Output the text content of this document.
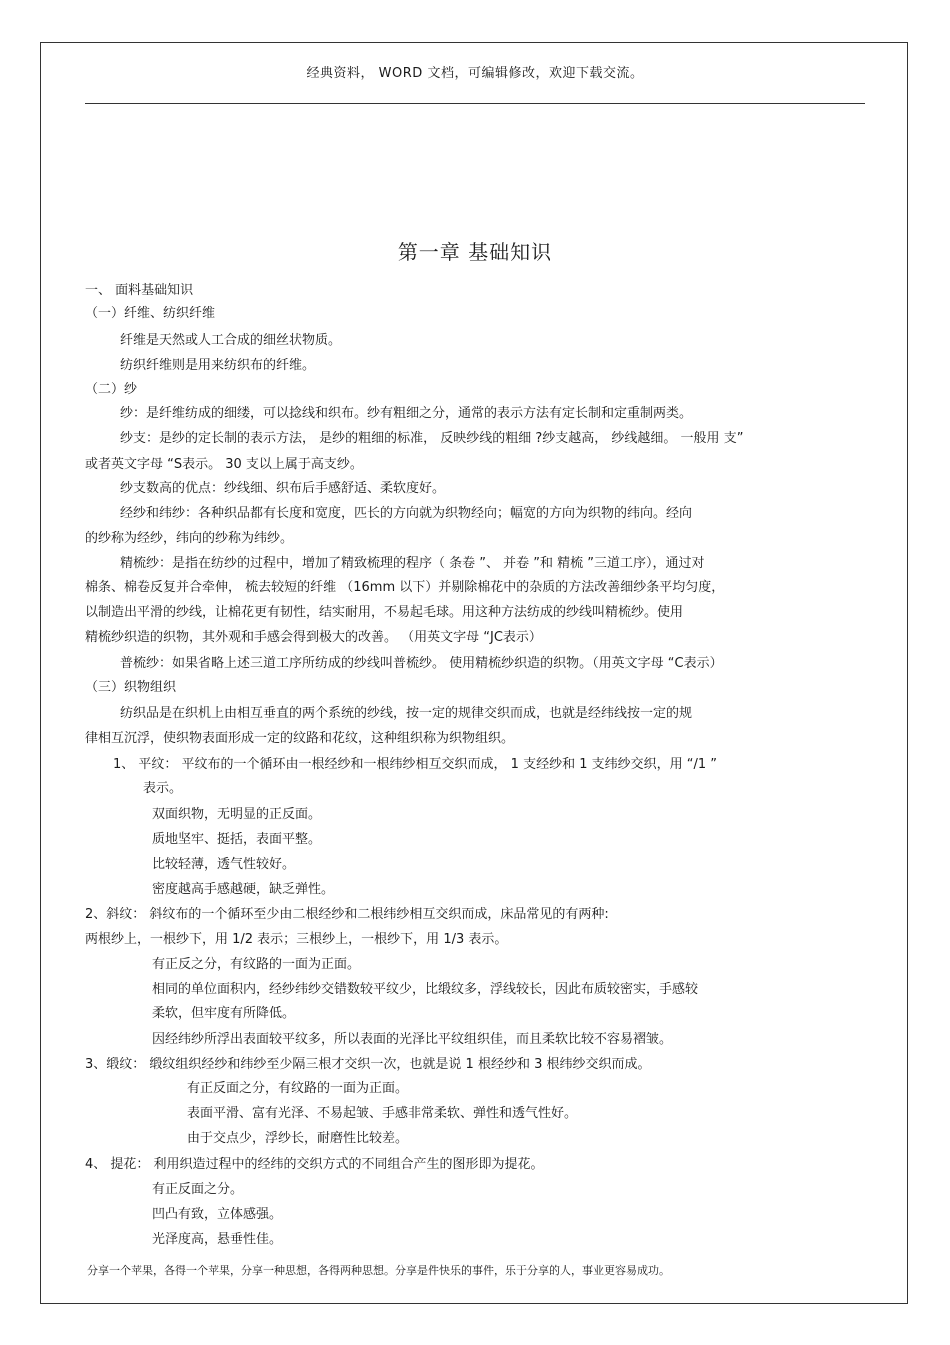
经典资料， WORD 文档，可编辑修改，欢迎下载交流。
第一章 基础知识
一、 面料基础知识
（一）纤维、纺织纤维
纤维是天然或人工合成的细丝状物质。
纺织纤维则是用来纺织布的纤维。
（二）纱
纱：是纤维纺成的细缕，可以捻线和织布。纱有粗细之分，通常的表示方法有定长制和定重制两类。
纱支：是纱的定长制的表示方法， 是纱的粗细的标准， 反映纱线的粗细 ?纱支越高， 纱线越细。 一般用 支”
或者英文字母 “S表示。 30 支以上属于高支纱。
纱支数高的优点：纱线细、织布后手感舒适、柔软度好。
经纱和纬纱：各种织品都有长度和宽度，匹长的方向就为织物经向；幅宽的方向为织物的纬向。经向
的纱称为经纱，纬向的纱称为纬纱。
精梳纱：是指在纺纱的过程中，增加了精致梳理的程序（ 条卷 ”、 并卷 ”和 精梳 ”三道工序），通过对
棉条、棉卷反复并合牵伸， 梳去较短的纤维 （16mm 以下）并剔除棉花中的杂质的方法改善细纱条平均匀度，
以制造出平滑的纱线，让棉花更有韧性，结实耐用，不易起毛球。用这种方法纺成的纱线叫精梳纱。使用
精梳纱织造的织物，其外观和手感会得到极大的改善。 （用英文字母 “JC表示）
普梳纱：如果省略上述三道工序所纺成的纱线叫普梳纱。 使用精梳纱织造的织物。（用英文字母 “C表示）
（三）织物组织
纺织品是在织机上由相互垂直的两个系统的纱线，按一定的规律交织而成，也就是经纬线按一定的规
律相互沉浮，使织物表面形成一定的纹路和花纹，这种组织称为织物组织。
1、 平纹： 平纹布的一个循环由一根经纱和一根纬纱相互交织而成， 1 支经纱和 1 支纬纱交织，用 “/1 ”
表示。
双面织物，无明显的正反面。
质地坚牢、挺括，表面平整。
比较轻薄，透气性较好。
密度越高手感越硬，缺乏弹性。
2、斜纹： 斜纹布的一个循环至少由二根经纱和二根纬纱相互交织而成，床品常见的有两种:
两根纱上，一根纱下，用 1/2 表示；三根纱上，一根纱下，用 1/3 表示。
有正反之分，有纹路的一面为正面。
相同的单位面积内，经纱纬纱交错数较平纹少，比缎纹多，浮线较长，因此布质较密实，手感较
柔软，但牢度有所降低。
因经纬纱所浮出表面较平纹多，所以表面的光泽比平纹组织佳，而且柔软比较不容易褶皱。
3、缎纹： 缎纹组织经纱和纬纱至少隔三根才交织一次，也就是说 1 根经纱和 3 根纬纱交织而成。
有正反面之分，有纹路的一面为正面。
表面平滑、富有光泽、不易起皱、手感非常柔软、弹性和透气性好。
由于交点少，浮纱长，耐磨性比较差。
4、 提花： 利用织造过程中的经纬的交织方式的不同组合产生的图形即为提花。
有正反面之分。
凹凸有致，立体感强。
光泽度高，悬垂性佳。
分享一个苹果，各得一个苹果，分享一种思想，各得两种思想。分享是件快乐的事件，乐于分享的人，事业更容易成功。
